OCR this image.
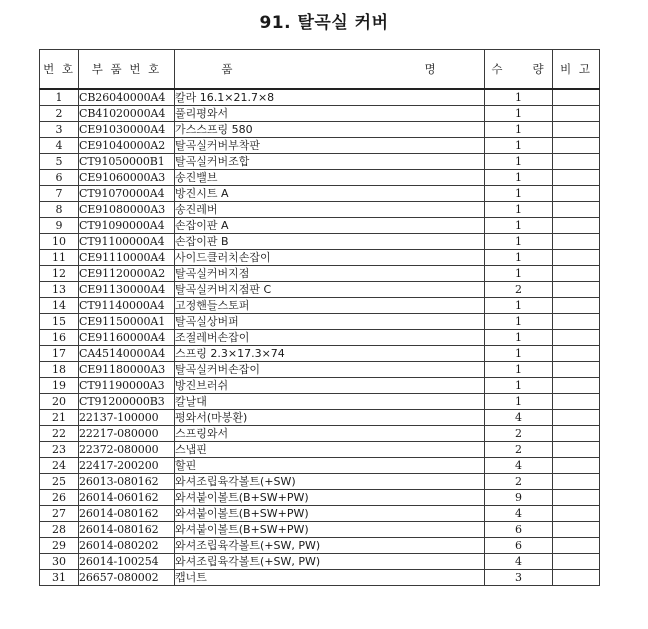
91. 탈곡실 커버
번 호	부 품 번 호	품 명	수 량	비 고
1	CB26040000A4	칼라 16.1×21.7×8	1	
2	CB41020000A4	풀리평와서	1	
3	CE91030000A4	가스스프링 580	1	
4	CE91040000A2	탈곡실커버부착판	1	
5	CT91050000B1	탈곡실커버조합	1	
6	CE91060000A3	송진밸브	1	
7	CT91070000A4	방진시트 A	1	
8	CE91080000A3	송진레버	1	
9	CT91090000A4	손잡이판 A	1	
10	CT91100000A4	손잡이판 B	1	
11	CE91110000A4	사이드클러치손잡이	1	
12	CE91120000A2	탈곡실커버지점	1	
13	CE91130000A4	탈곡실커버지점판 C	2	
14	CT91140000A4	고정핸들스토퍼	1	
15	CE91150000A1	탈곡실상버퍼	1	
16	CE91160000A4	조절레버손잡이	1	
17	CA45140000A4	스프링 2.3×17.3×74	1	
18	CE91180000A3	탈곡실커버손잡이	1	
19	CT91190000A3	방진브러쉬	1	
20	CT91200000B3	칼날대	1	
21	22137-100000	평와서(마봉환)	4	
22	22217-080000	스프링와서	2	
23	22372-080000	스냅핀	2	
24	22417-200200	할핀	4	
25	26013-080162	와셔조립육각볼트(+SW)	2	
26	26014-060162	와셔붙이볼트(B+SW+PW)	9	
27	26014-080162	와셔붙이볼트(B+SW+PW)	4	
28	26014-080162	와셔붙이볼트(B+SW+PW)	6	
29	26014-080202	와셔조립육각볼트(+SW, PW)	6	
30	26014-100254	와셔조립육각볼트(+SW, PW)	4	
31	26657-080002	캡너트	3	
